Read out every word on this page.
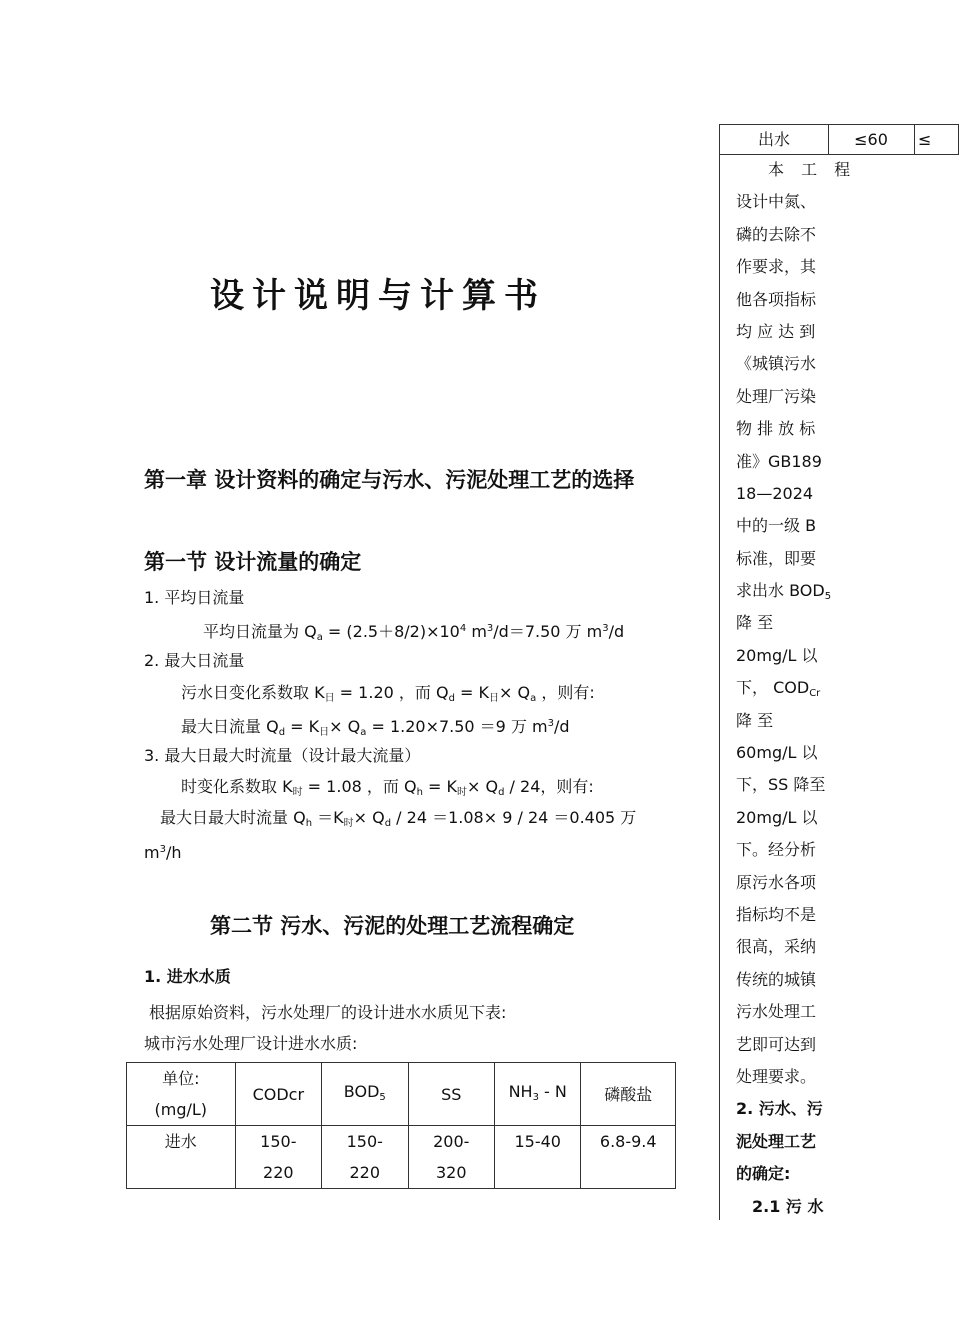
设计说明与计算书
第一章 设计资料的确定与污水、污泥处理工艺的选择
第一节 设计流量的确定
1. 平均日流量
平均日流量为 $Q_a = (2.5+8/2)\times 10^4$ $m^3/d=7.50$ 万 $m^3/d$
2. 最大日流量
污水日变化系数取 $K_日 = 1.20$ ，而 $Q_d = K_日\times Q_a$ ，则有:
最大日流量 $Q_d = K_日\times Q_a = 1.20\times 7.50 =9$ 万 $m^3/d$
3. 最大日最大时流量（设计最大流量）
时变化系数取 $K_时 = 1.08$ ，而 $Q_h = K_时\times Q_d / 24$，则有:
最大日最大时流量 $Q_h =K_时\times Q_d / 24 =1.08\times 9 / 24 =0.405$ 万
$m^3/h$
第二节 污水、污泥的处理工艺流程确定
1. 进水水质
根据原始资料，污水处理厂的设计进水水质见下表:
城市污水处理厂设计进水水质:
单位:
(mg/L)	CODcr	$BOD_5$	SS	$NH_3$ - N	磷酸盐
进水	150-
220	150-
220	200-
320	15-40	6.8-9.4
出水	≤60	≤
本 工 程
设计中氮、
磷的去除不
作要求，其
他各项指标
均 应 达 到
《城镇污水
处理厂污染
物 排 放 标
准》GB189
18—2024
中的一级 B
标准，即要
求出水 $BOD_5$
降 至
20mg/L 以
下， $COD_{Cr}$
降 至
60mg/L 以
下，SS 降至
20mg/L 以
下。经分析
原污水各项
指标均不是
很高，采纳
传统的城镇
污水处理工
艺即可达到
处理要求。
2. 污水、污
泥处理工艺
的确定:
2.1 污 水
